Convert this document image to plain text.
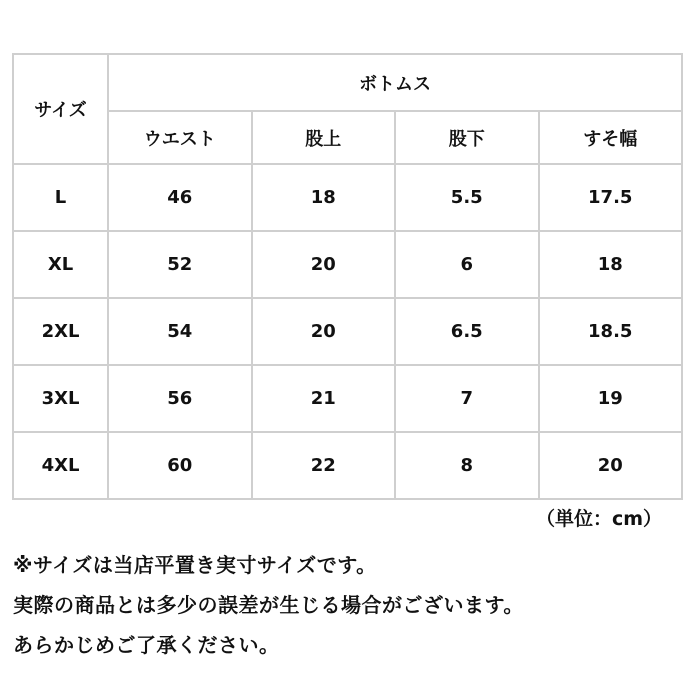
サイズ	ボトムス			
	ウエスト	股上	股下	すそ幅
L	46	18	5.5	17.5
XL	52	20	6	18
2XL	54	20	6.5	18.5
3XL	56	21	7	19
4XL	60	22	8	20
（単位：cm）
※サイズは当店平置き実寸サイズです。
実際の商品とは多少の誤差が生じる場合がございます。
あらかじめご了承ください。
